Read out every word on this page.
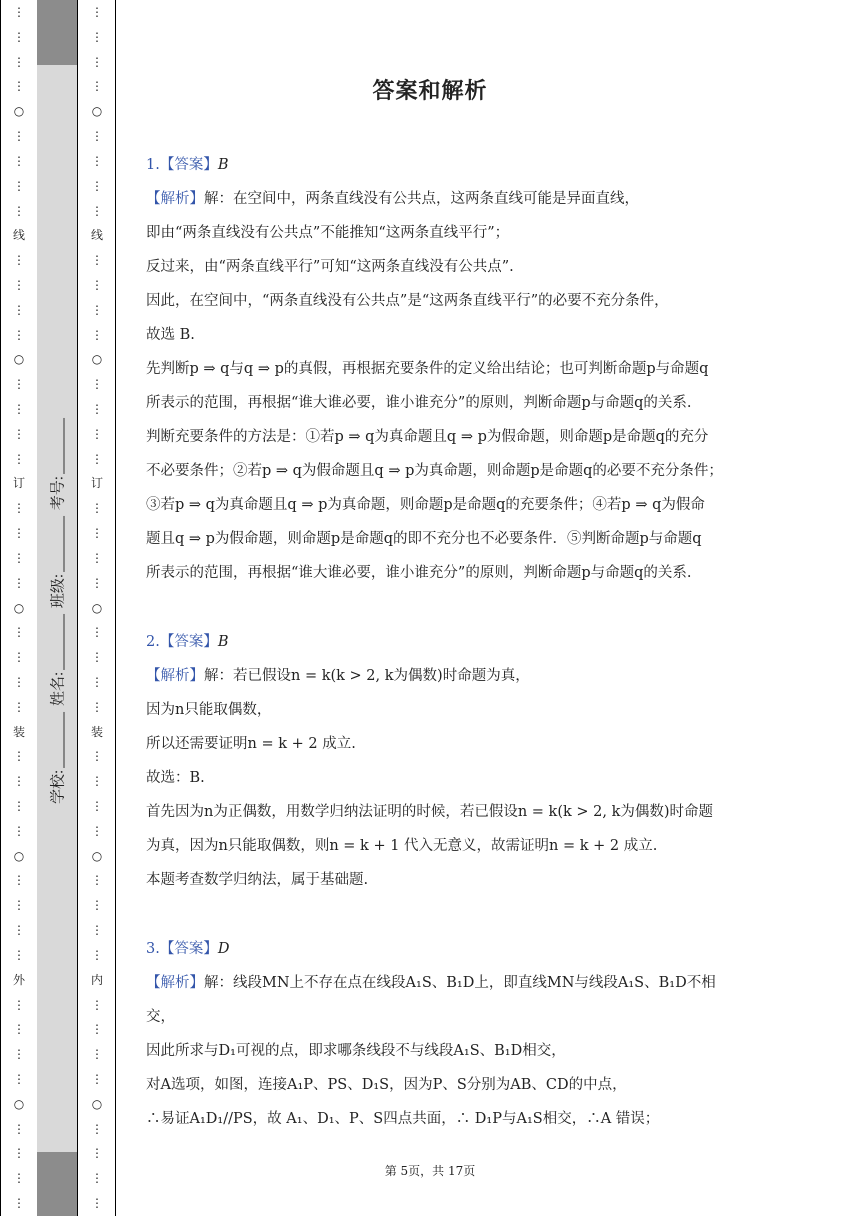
⋮
⋮
⋮
⋮
○
⋮
⋮
⋮
⋮
线
⋮
⋮
⋮
⋮
○
⋮
⋮
⋮
⋮
订
⋮
⋮
⋮
⋮
○
⋮
⋮
⋮
⋮
装
⋮
⋮
⋮
⋮
○
⋮
⋮
⋮
⋮
外
⋮
⋮
⋮
⋮
○
⋮
⋮
⋮
⋮
⋮
⋮
⋮
⋮
○
⋮
⋮
⋮
⋮
线
⋮
⋮
⋮
⋮
○
⋮
⋮
⋮
⋮
订
⋮
⋮
⋮
⋮
○
⋮
⋮
⋮
⋮
装
⋮
⋮
⋮
⋮
○
⋮
⋮
⋮
⋮
内
⋮
⋮
⋮
⋮
○
⋮
⋮
⋮
⋮
学校: 姓名: 班级: 考号:
答案和解析
1.【答案】B
【解析】解：在空间中，两条直线没有公共点，这两条直线可能是异面直线，
即由“两条直线没有公共点”不能推知“这两条直线平行”；
反过来，由“两条直线平行”可知“这两条直线没有公共点”.
因此，在空间中，“两条直线没有公共点”是“这两条直线平行”的必要不充分条件，
故选 B.
先判断p ⇒ q与q ⇒ p的真假，再根据充要条件的定义给出结论；也可判断命题p与命题q
所表示的范围，再根据“谁大谁必要，谁小谁充分”的原则，判断命题p与命题q的关系.
判断充要条件的方法是：①若p ⇒ q为真命题且q ⇒ p为假命题，则命题p是命题q的充分
不必要条件；②若p ⇒ q为假命题且q ⇒ p为真命题，则命题p是命题q的必要不充分条件；
③若p ⇒ q为真命题且q ⇒ p为真命题，则命题p是命题q的充要条件；④若p ⇒ q为假命
题且q ⇒ p为假命题，则命题p是命题q的即不充分也不必要条件．⑤判断命题p与命题q
所表示的范围，再根据“谁大谁必要，谁小谁充分”的原则，判断命题p与命题q的关系.
2.【答案】B
【解析】解：若已假设n = k(k > 2, k为偶数)时命题为真，
因为n只能取偶数，
所以还需要证明n = k + 2 成立.
故选：B.
首先因为n为正偶数，用数学归纳法证明的时候，若已假设n = k(k > 2, k为偶数)时命题
为真，因为n只能取偶数，则n = k + 1 代入无意义，故需证明n = k + 2 成立.
本题考查数学归纳法，属于基础题.
3.【答案】D
【解析】解：线段MN上不存在点在线段A₁S、B₁D上，即直线MN与线段A₁S、B₁D不相
交，
因此所求与D₁可视的点，即求哪条线段不与线段A₁S、B₁D相交，
对A选项，如图，连接A₁P、PS、D₁S，因为P、S分别为AB、CD的中点，
∴易证A₁D₁//PS，故 A₁、D₁、P、S四点共面，∴ D₁P与A₁S相交，∴A 错误；
第 5页，共 17页
